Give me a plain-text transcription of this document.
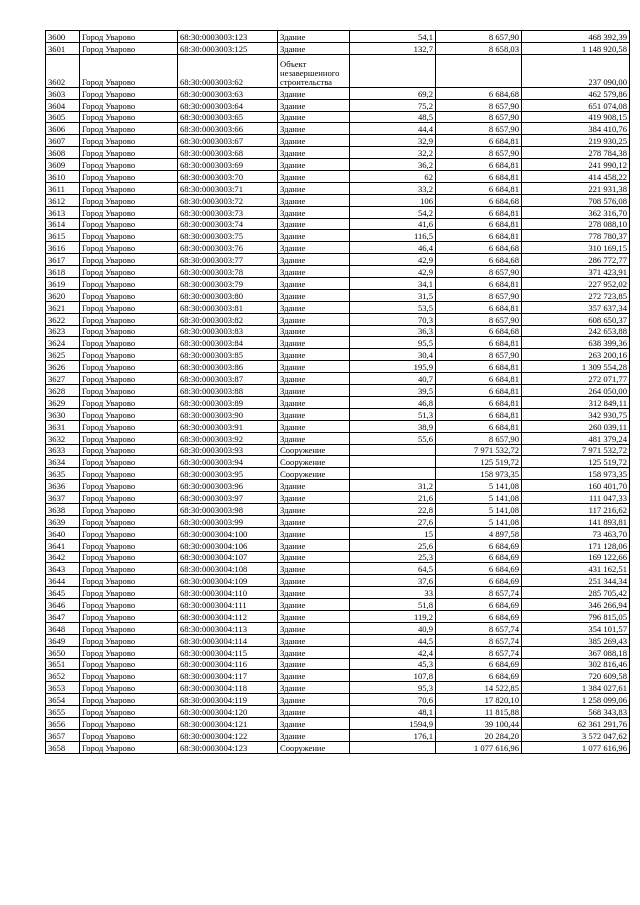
3600	Город Уварово	68:30:0003003:123	Здание	54,1	8 657,90	468 392,39
3601	Город Уварово	68:30:0003003:125	Здание	132,7	8 658,03	1 148 920,58
3602	Город Уварово	68:30:0003003:62	Объект незавершенного строительства			237 090,00
3603	Город Уварово	68:30:0003003:63	Здание	69,2	6 684,68	462 579,86
3604	Город Уварово	68:30:0003003:64	Здание	75,2	8 657,90	651 074,08
3605	Город Уварово	68:30:0003003:65	Здание	48,5	8 657,90	419 908,15
3606	Город Уварово	68:30:0003003:66	Здание	44,4	8 657,90	384 410,76
3607	Город Уварово	68:30:0003003:67	Здание	32,9	6 684,81	219 930,25
3608	Город Уварово	68:30:0003003:68	Здание	32,2	8 657,90	278 784,38
3609	Город Уварово	68:30:0003003:69	Здание	36,2	6 684,81	241 990,12
3610	Город Уварово	68:30:0003003:70	Здание	62	6 684,81	414 458,22
3611	Город Уварово	68:30:0003003:71	Здание	33,2	6 684,81	221 931,38
3612	Город Уварово	68:30:0003003:72	Здание	106	6 684,68	708 576,08
3613	Город Уварово	68:30:0003003:73	Здание	54,2	6 684,81	362 316,70
3614	Город Уварово	68:30:0003003:74	Здание	41,6	6 684,81	278 088,10
3615	Город Уварово	68:30:0003003:75	Здание	116,5	6 684,81	778 780,37
3616	Город Уварово	68:30:0003003:76	Здание	46,4	6 684,68	310 169,15
3617	Город Уварово	68:30:0003003:77	Здание	42,9	6 684,68	286 772,77
3618	Город Уварово	68:30:0003003:78	Здание	42,9	8 657,90	371 423,91
3619	Город Уварово	68:30:0003003:79	Здание	34,1	6 684,81	227 952,02
3620	Город Уварово	68:30:0003003:80	Здание	31,5	8 657,90	272 723,85
3621	Город Уварово	68:30:0003003:81	Здание	53,5	6 684,81	357 637,34
3622	Город Уварово	68:30:0003003:82	Здание	70,3	8 657,90	608 650,37
3623	Город Уварово	68:30:0003003:83	Здание	36,3	6 684,68	242 653,88
3624	Город Уварово	68:30:0003003:84	Здание	95,5	6 684,81	638 399,36
3625	Город Уварово	68:30:0003003:85	Здание	30,4	8 657,90	263 200,16
3626	Город Уварово	68:30:0003003:86	Здание	195,9	6 684,81	1 309 554,28
3627	Город Уварово	68:30:0003003:87	Здание	40,7	6 684,81	272 071,77
3628	Город Уварово	68:30:0003003:88	Здание	39,5	6 684,81	264 050,00
3629	Город Уварово	68:30:0003003:89	Здание	46,8	6 684,81	312 849,11
3630	Город Уварово	68:30:0003003:90	Здание	51,3	6 684,81	342 930,75
3631	Город Уварово	68:30:0003003:91	Здание	38,9	6 684,81	260 039,11
3632	Город Уварово	68:30:0003003:92	Здание	55,6	8 657,90	481 379,24
3633	Город Уварово	68:30:0003003:93	Сооружение		7 971 532,72	7 971 532,72
3634	Город Уварово	68:30:0003003:94	Сооружение		125 519,72	125 519,72
3635	Город Уварово	68:30:0003003:95	Сооружение		158 973,35	158 973,35
3636	Город Уварово	68:30:0003003:96	Здание	31,2	5 141,08	160 401,70
3637	Город Уварово	68:30:0003003:97	Здание	21,6	5 141,08	111 047,33
3638	Город Уварово	68:30:0003003:98	Здание	22,8	5 141,08	117 216,62
3639	Город Уварово	68:30:0003003:99	Здание	27,6	5 141,08	141 893,81
3640	Город Уварово	68:30:0003004:100	Здание	15	4 897,58	73 463,70
3641	Город Уварово	68:30:0003004:106	Здание	25,6	6 684,69	171 128,06
3642	Город Уварово	68:30:0003004:107	Здание	25,3	6 684,69	169 122,66
3643	Город Уварово	68:30:0003004:108	Здание	64,5	6 684,69	431 162,51
3644	Город Уварово	68:30:0003004:109	Здание	37,6	6 684,69	251 344,34
3645	Город Уварово	68:30:0003004:110	Здание	33	8 657,74	285 705,42
3646	Город Уварово	68:30:0003004:111	Здание	51,8	6 684,69	346 266,94
3647	Город Уварово	68:30:0003004:112	Здание	119,2	6 684,69	796 815,05
3648	Город Уварово	68:30:0003004:113	Здание	40,9	8 657,74	354 101,57
3649	Город Уварово	68:30:0003004:114	Здание	44,5	8 657,74	385 269,43
3650	Город Уварово	68:30:0003004:115	Здание	42,4	8 657,74	367 088,18
3651	Город Уварово	68:30:0003004:116	Здание	45,3	6 684,69	302 816,46
3652	Город Уварово	68:30:0003004:117	Здание	107,8	6 684,69	720 609,58
3653	Город Уварово	68:30:0003004:118	Здание	95,3	14 522,85	1 384 027,61
3654	Город Уварово	68:30:0003004:119	Здание	70,6	17 820,10	1 258 099,06
3655	Город Уварово	68:30:0003004:120	Здание	48,1	11 815,88	568 343,83
3656	Город Уварово	68:30:0003004:121	Здание	1594,9	39 100,44	62 361 291,76
3657	Город Уварово	68:30:0003004:122	Здание	176,1	20 284,20	3 572 047,62
3658	Город Уварово	68:30:0003004:123	Сооружение		1 077 616,96	1 077 616,96
